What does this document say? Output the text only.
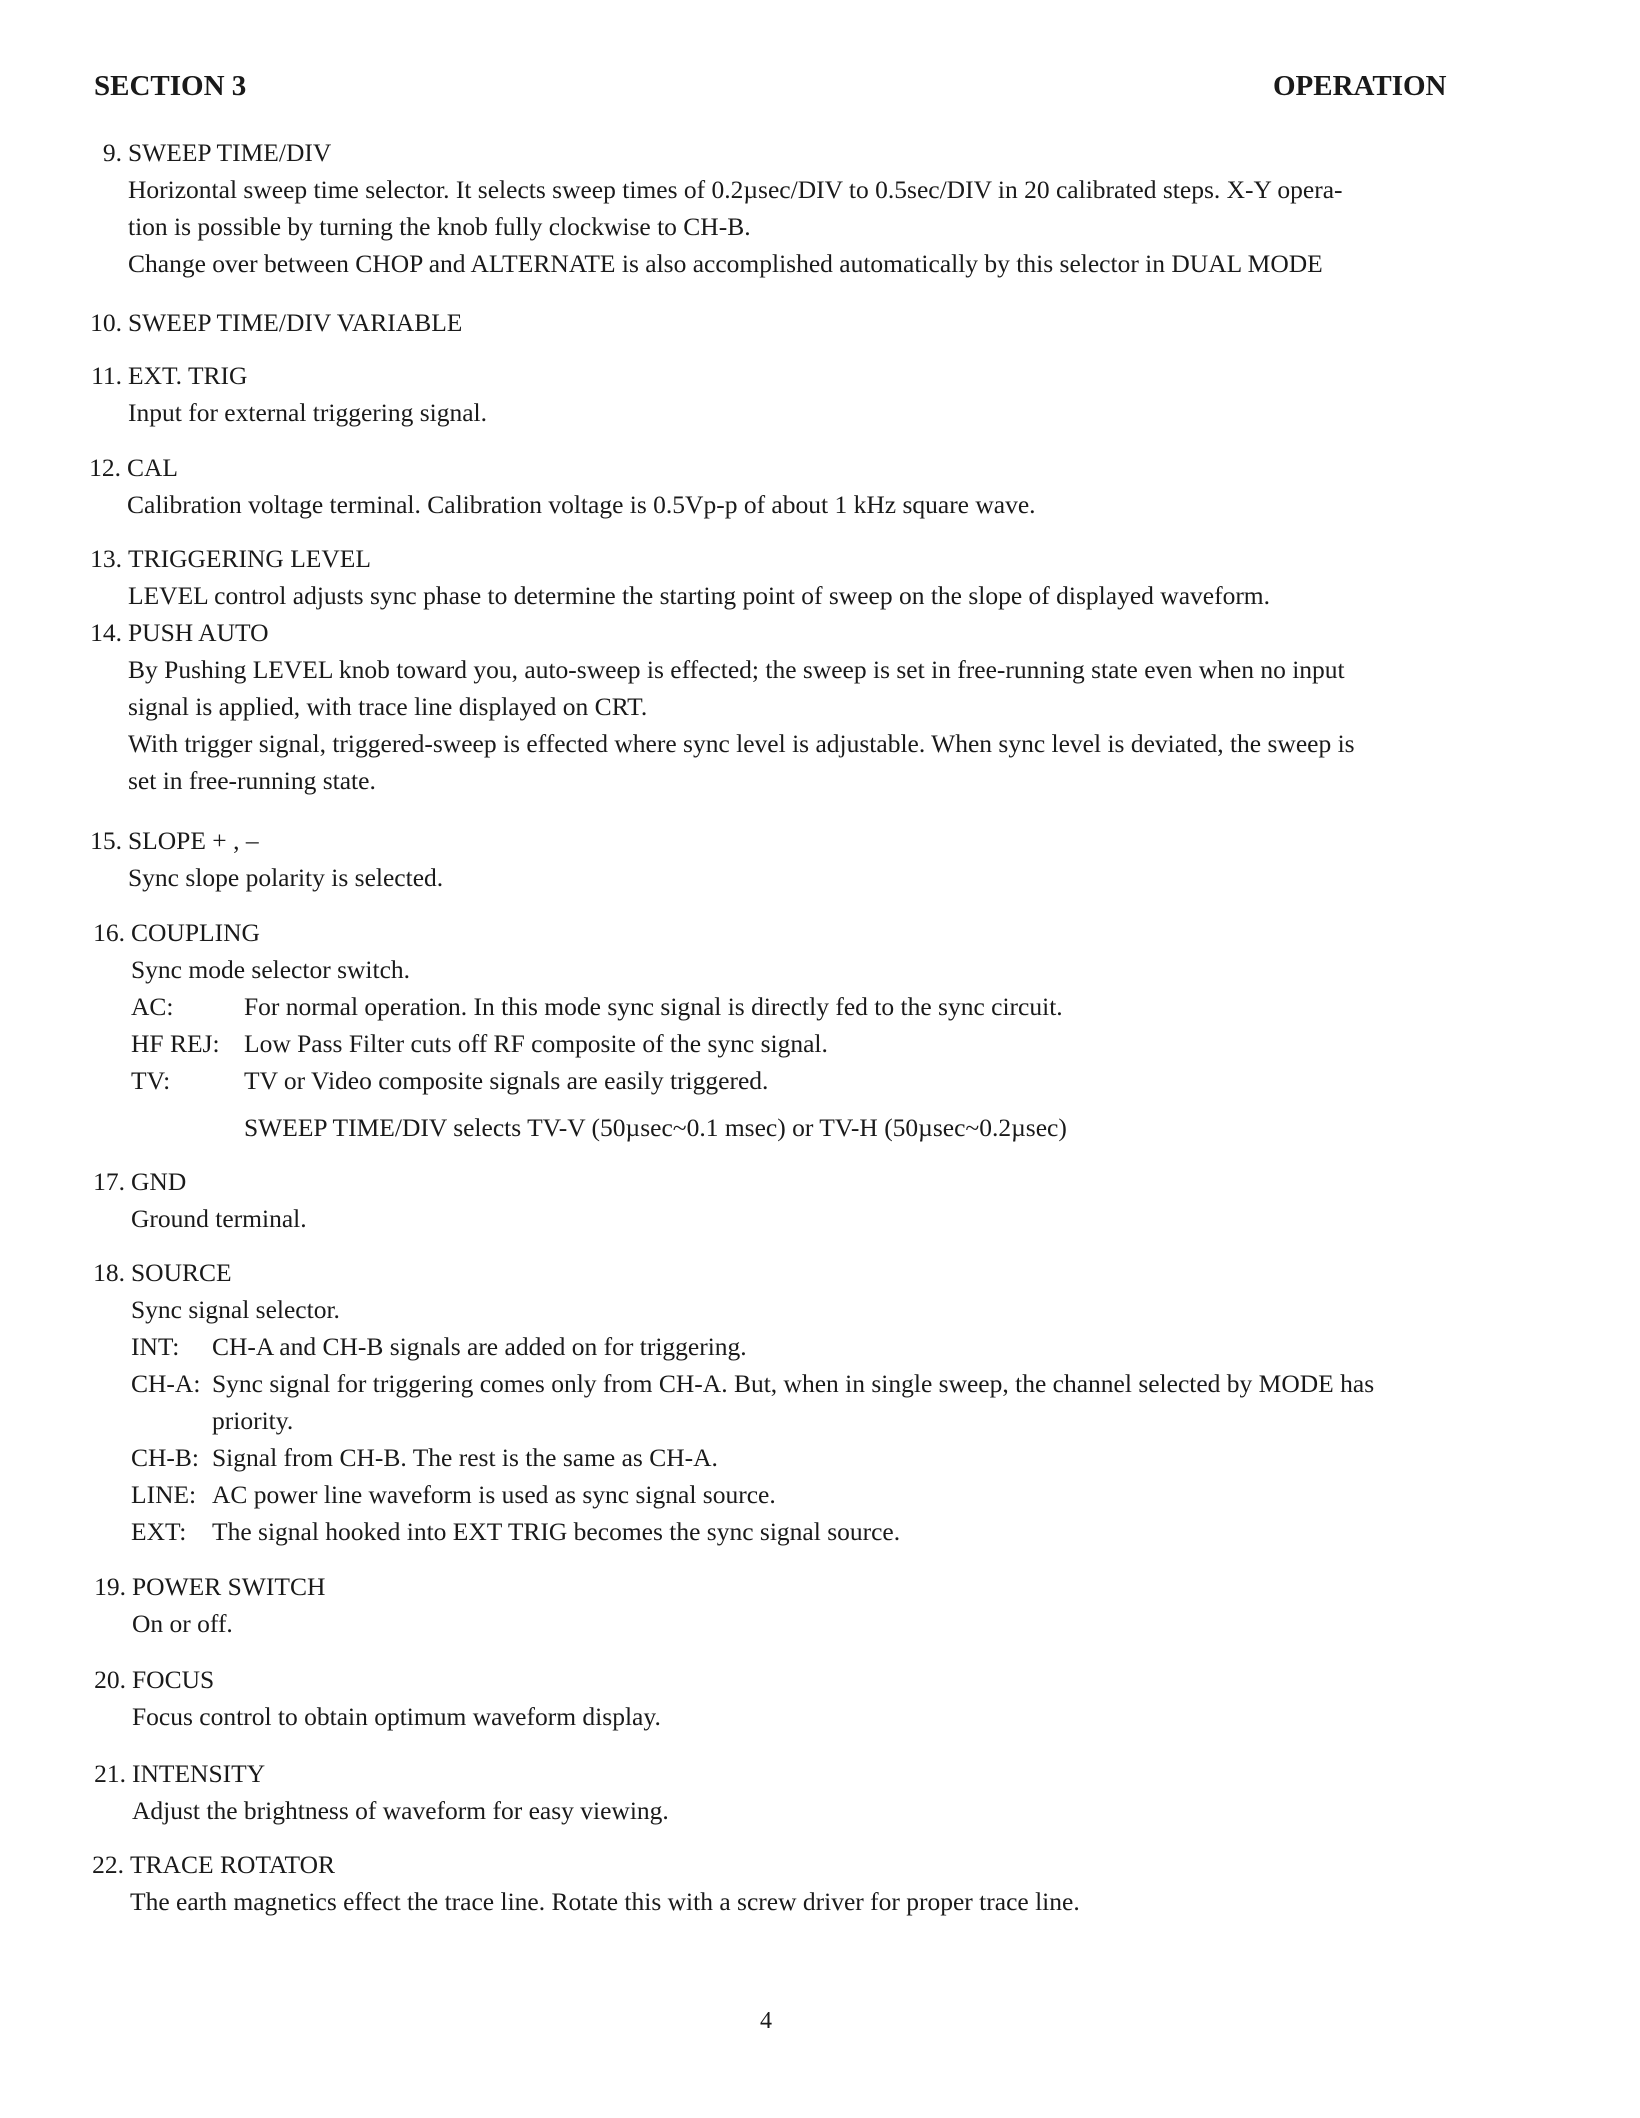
SECTION 3	OPERATION
9. SWEEP TIME/DIV
Horizontal sweep time selector. It selects sweep times of 0.2µsec/DIV to 0.5sec/DIV in 20 calibrated steps. X-Y opera-
tion is possible by turning the knob fully clockwise to CH-B.
Change over between CHOP and ALTERNATE is also accomplished automatically by this selector in DUAL MODE
10. SWEEP TIME/DIV VARIABLE
11. EXT. TRIG
Input for external triggering signal.
12. CAL
Calibration voltage terminal. Calibration voltage is 0.5Vp-p of about 1 kHz square wave.
13. TRIGGERING LEVEL
LEVEL control adjusts sync phase to determine the starting point of sweep on the slope of displayed waveform.
14. PUSH AUTO
By Pushing LEVEL knob toward you, auto-sweep is effected; the sweep is set in free-running state even when no input
signal is applied, with trace line displayed on CRT.
With trigger signal, triggered-sweep is effected where sync level is adjustable. When sync level is deviated, the sweep is
set in free-running state.
15. SLOPE + , –
Sync slope polarity is selected.
16. COUPLING
Sync mode selector switch.
AC:	For normal operation. In this mode sync signal is directly fed to the sync circuit.
HF REJ: Low Pass Filter cuts off RF composite of the sync signal.
TV:	TV or Video composite signals are easily triggered.
SWEEP TIME/DIV selects TV-V (50µsec~0.1 msec) or TV-H (50µsec~0.2µsec)
17. GND
Ground terminal.
18. SOURCE
Sync signal selector.
INT: CH-A and CH-B signals are added on for triggering.
CH-A: Sync signal for triggering comes only from CH-A. But, when in single sweep, the channel selected by MODE has
priority.
CH-B: Signal from CH-B. The rest is the same as CH-A.
LINE: AC power line waveform is used as sync signal source.
EXT: The signal hooked into EXT TRIG becomes the sync signal source.
19. POWER SWITCH
On or off.
20. FOCUS
Focus control to obtain optimum waveform display.
21. INTENSITY
Adjust the brightness of waveform for easy viewing.
22. TRACE ROTATOR
The earth magnetics effect the trace line. Rotate this with a screw driver for proper trace line.
4
